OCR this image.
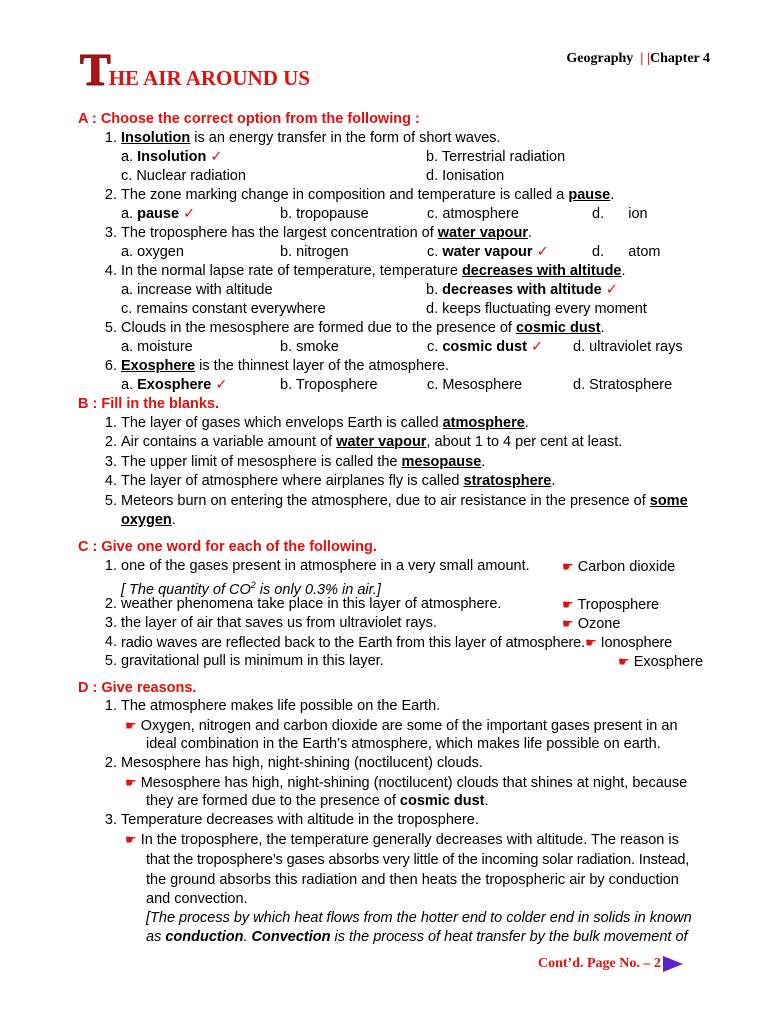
Geography  | |Chapter 4
THE AIR AROUND US
A : Choose the correct option from the following :
1. Insolution is an energy transfer in the form of short waves.
a. Insolution ✓	b. Terrestrial radiation
c. Nuclear radiation	d. Ionisation
2. The zone marking change in composition and temperature is called a pause.
a. pause ✓	b. tropopause	c. atmosphere	d. ion
3. The troposphere has the largest concentration of water vapour.
a. oxygen	b. nitrogen	c. water vapour ✓	d. atom
4. In the normal lapse rate of temperature, temperature decreases with altitude.
a. increase with altitude	b. decreases with altitude ✓
c. remains constant everywhere	d. keeps fluctuating every moment
5. Clouds in the mesosphere are formed due to the presence of cosmic dust.
a. moisture	b. smoke	c. cosmic dust ✓ d. ultraviolet rays
6. Exosphere is the thinnest layer of the atmosphere.
a. Exosphere ✓	b. Troposphere	c. Mesosphere	d. Stratosphere
B : Fill in the blanks.
1. The layer of gases which envelops Earth is called atmosphere.
2. Air contains a variable amount of water vapour, about 1 to 4 per cent at least.
3. The upper limit of mesosphere is called the mesopause.
4. The layer of atmosphere where airplanes fly is called stratosphere.
5. Meteors burn on entering the atmosphere, due to air resistance in the presence of some
oxygen.
C : Give one word for each of the following.
1. one of the gases present in atmosphere in a very small amount. ☛ Carbon dioxide
[ The quantity of $CO^2$ is only 0.3% in air.]
2. weather phenomena take place in this layer of atmosphere.	☛ Troposphere
3. the layer of air that saves us from ultraviolet rays.	☛ Ozone
4. radio waves are reflected back to the Earth from this layer of atmosphere.☛ Ionosphere
5. gravitational pull is minimum in this layer.	☛ Exosphere
D : Give reasons.
1. The atmosphere makes life possible on the Earth.
☛ Oxygen, nitrogen and carbon dioxide are some of the important gases present in an
ideal combination in the Earth’s atmosphere, which makes life possible on earth.
2. Mesosphere has high, night-shining (noctilucent) clouds.
☛ Mesosphere has high, night-shining (noctilucent) clouds that shines at night, because
they are formed due to the presence of cosmic dust.
3. Temperature decreases with altitude in the troposphere.
☛ In the troposphere, the temperature generally decreases with altitude. The reason is
that the troposphere’s gases absorbs very little of the incoming solar radiation. Instead,
the ground absorbs this radiation and then heats the tropospheric air by conduction
and convection.
[The process by which heat flows from the hotter end to colder end in solids in known
as conduction. Convection is the process of heat transfer by the bulk movement of
Cont’d. Page No. – 2
